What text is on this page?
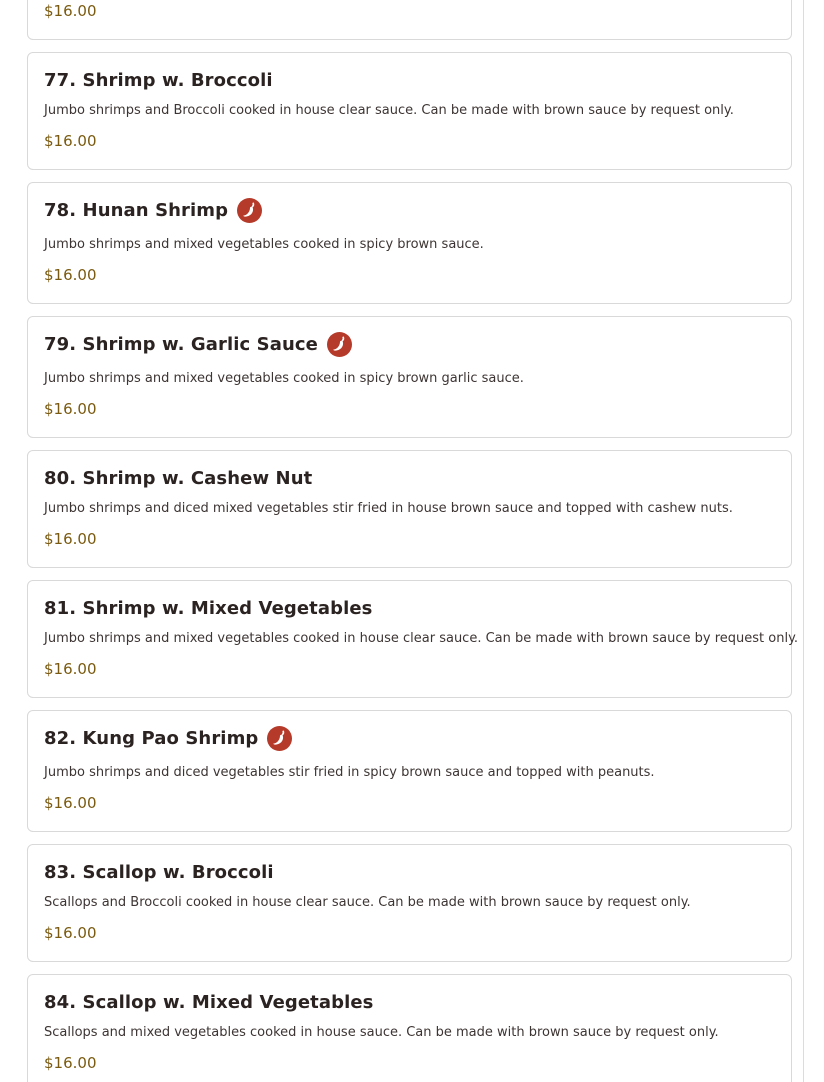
$16.00
77. Shrimp w. Broccoli
Jumbo shrimps and Broccoli cooked in house clear sauce. Can be made with brown sauce by request only.
$16.00
78. Hunan Shrimp
Jumbo shrimps and mixed vegetables cooked in spicy brown sauce.
$16.00
79. Shrimp w. Garlic Sauce
Jumbo shrimps and mixed vegetables cooked in spicy brown garlic sauce.
$16.00
80. Shrimp w. Cashew Nut
Jumbo shrimps and diced mixed vegetables stir fried in house brown sauce and topped with cashew nuts.
$16.00
81. Shrimp w. Mixed Vegetables
Jumbo shrimps and mixed vegetables cooked in house clear sauce. Can be made with brown sauce by request only.
$16.00
82. Kung Pao Shrimp
Jumbo shrimps and diced vegetables stir fried in spicy brown sauce and topped with peanuts.
$16.00
83. Scallop w. Broccoli
Scallops and Broccoli cooked in house clear sauce. Can be made with brown sauce by request only.
$16.00
84. Scallop w. Mixed Vegetables
Scallops and mixed vegetables cooked in house sauce. Can be made with brown sauce by request only.
$16.00
